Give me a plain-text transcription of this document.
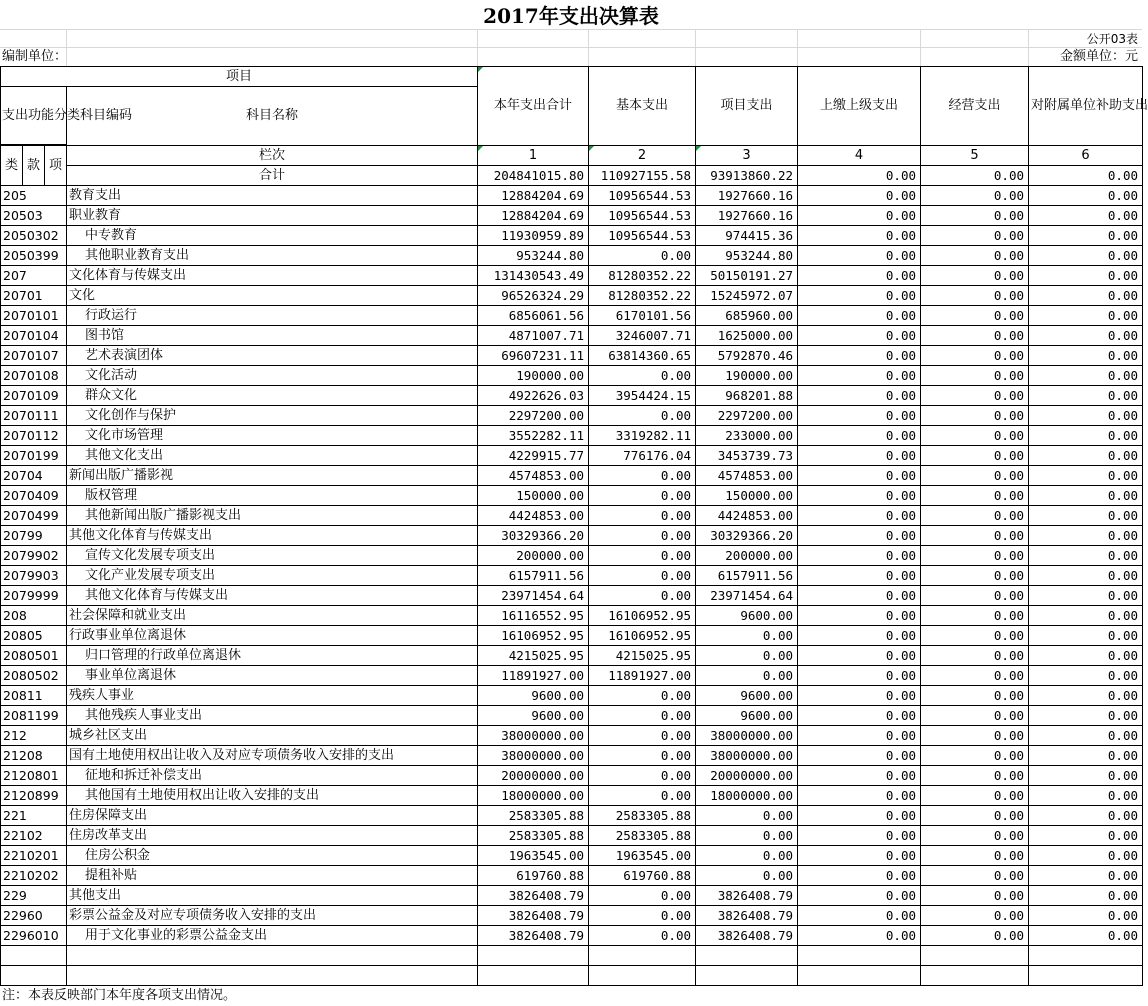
2017年支出决算表
公开03表
编制单位：	金额单位：元
项目				本年支出合计	基本支出	项目支出	上缴上级支出	经营支出	对附属单位补助支出
支出功能分类科目编码			科目名称						

类	款	项	栏次	1	2	3	4	5	6
			合计	204841015.80	110927155.58	93913860.22	0.00	0.00	0.00
205			教育支出	12884204.69	10956544.53	1927660.16	0.00	0.00	0.00
20503			职业教育	12884204.69	10956544.53	1927660.16	0.00	0.00	0.00
2050302			中专教育	11930959.89	10956544.53	974415.36	0.00	0.00	0.00
2050399			其他职业教育支出	953244.80	0.00	953244.80	0.00	0.00	0.00
207			文化体育与传媒支出	131430543.49	81280352.22	50150191.27	0.00	0.00	0.00
20701			文化	96526324.29	81280352.22	15245972.07	0.00	0.00	0.00
2070101			行政运行	6856061.56	6170101.56	685960.00	0.00	0.00	0.00
2070104			图书馆	4871007.71	3246007.71	1625000.00	0.00	0.00	0.00
2070107			艺术表演团体	69607231.11	63814360.65	5792870.46	0.00	0.00	0.00
2070108			文化活动	190000.00	0.00	190000.00	0.00	0.00	0.00
2070109			群众文化	4922626.03	3954424.15	968201.88	0.00	0.00	0.00
2070111			文化创作与保护	2297200.00	0.00	2297200.00	0.00	0.00	0.00
2070112			文化市场管理	3552282.11	3319282.11	233000.00	0.00	0.00	0.00
2070199			其他文化支出	4229915.77	776176.04	3453739.73	0.00	0.00	0.00
20704			新闻出版广播影视	4574853.00	0.00	4574853.00	0.00	0.00	0.00
2070409			版权管理	150000.00	0.00	150000.00	0.00	0.00	0.00
2070499			其他新闻出版广播影视支出	4424853.00	0.00	4424853.00	0.00	0.00	0.00
20799			其他文化体育与传媒支出	30329366.20	0.00	30329366.20	0.00	0.00	0.00
2079902			宣传文化发展专项支出	200000.00	0.00	200000.00	0.00	0.00	0.00
2079903			文化产业发展专项支出	6157911.56	0.00	6157911.56	0.00	0.00	0.00
2079999			其他文化体育与传媒支出	23971454.64	0.00	23971454.64	0.00	0.00	0.00
208			社会保障和就业支出	16116552.95	16106952.95	9600.00	0.00	0.00	0.00
20805			行政事业单位离退休	16106952.95	16106952.95	0.00	0.00	0.00	0.00
2080501			归口管理的行政单位离退休	4215025.95	4215025.95	0.00	0.00	0.00	0.00
2080502			事业单位离退休	11891927.00	11891927.00	0.00	0.00	0.00	0.00
20811			残疾人事业	9600.00	0.00	9600.00	0.00	0.00	0.00
2081199			其他残疾人事业支出	9600.00	0.00	9600.00	0.00	0.00	0.00
212			城乡社区支出	38000000.00	0.00	38000000.00	0.00	0.00	0.00
21208			国有土地使用权出让收入及对应专项债务收入安排的支出	38000000.00	0.00	38000000.00	0.00	0.00	0.00
2120801			征地和拆迁补偿支出	20000000.00	0.00	20000000.00	0.00	0.00	0.00
2120899			其他国有土地使用权出让收入安排的支出	18000000.00	0.00	18000000.00	0.00	0.00	0.00
221			住房保障支出	2583305.88	2583305.88	0.00	0.00	0.00	0.00
22102			住房改革支出	2583305.88	2583305.88	0.00	0.00	0.00	0.00
2210201			住房公积金	1963545.00	1963545.00	0.00	0.00	0.00	0.00
2210202			提租补贴	619760.88	619760.88	0.00	0.00	0.00	0.00
229			其他支出	3826408.79	0.00	3826408.79	0.00	0.00	0.00
22960			彩票公益金及对应专项债务收入安排的支出	3826408.79	0.00	3826408.79	0.00	0.00	0.00
2296010			用于文化事业的彩票公益金支出	3826408.79	0.00	3826408.79	0.00	0.00	0.00

注：本表反映部门本年度各项支出情况。
